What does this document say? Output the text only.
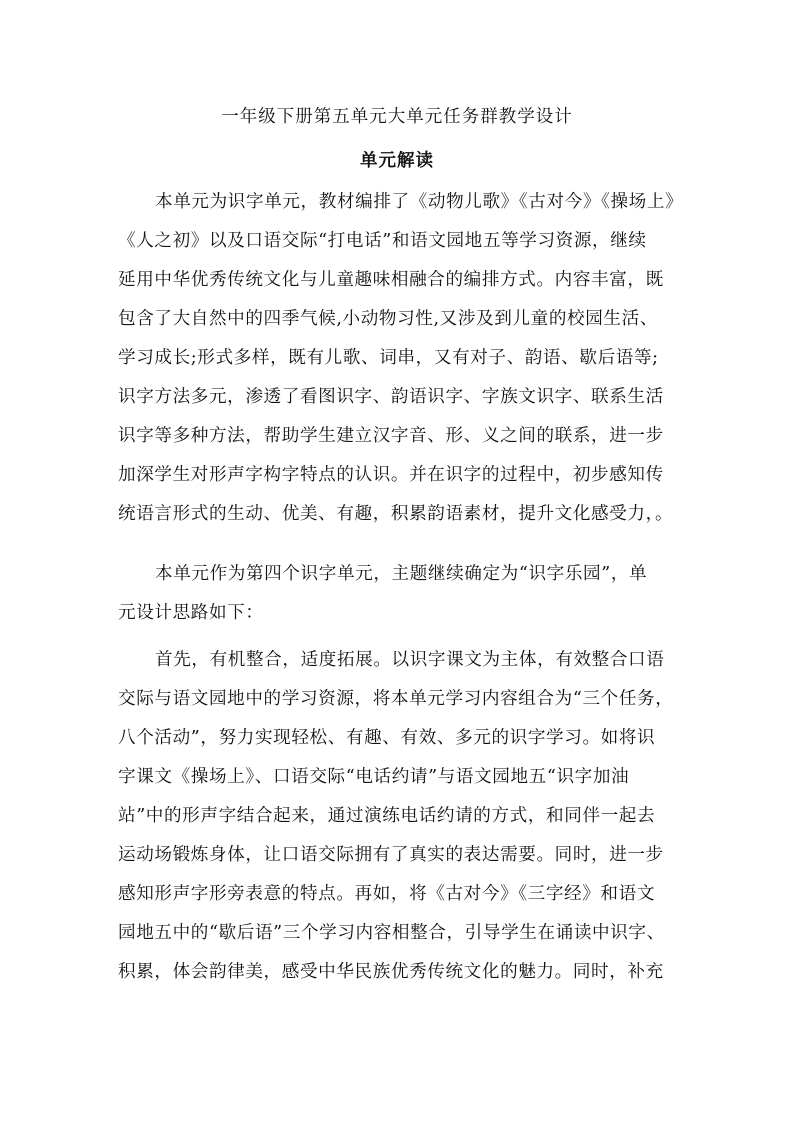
一年级下册第五单元大单元任务群教学设计
单元解读
本单元为识字单元，教材编排了《动物儿歌》《古对今》《操场上》
《人之初》以及口语交际“打电话”和语文园地五等学习资源，继续
延用中华优秀传统文化与儿童趣味相融合的编排方式。内容丰富，既
包含了大自然中的四季气候,小动物习性,又涉及到儿童的校园生活、
学习成长;形式多样，既有儿歌、词串，又有对子、韵语、歇后语等;
识字方法多元，渗透了看图识字、韵语识字、字族文识字、联系生活
识字等多种方法，帮助学生建立汉字音、形、义之间的联系，进一步
加深学生对形声字构字特点的认识。并在识字的过程中，初步感知传
统语言形式的生动、优美、有趣，积累韵语素材，提升文化感受力，。
本单元作为第四个识字单元，主题继续确定为“识字乐园”，单
元设计思路如下：
首先，有机整合，适度拓展。以识字课文为主体，有效整合口语
交际与语文园地中的学习资源，将本单元学习内容组合为“三个任务，
八个活动”，努力实现轻松、有趣、有效、多元的识字学习。如将识
字课文《操场上》、口语交际“电话约请”与语文园地五“识字加油
站”中的形声字结合起来，通过演练电话约请的方式，和同伴一起去
运动场锻炼身体，让口语交际拥有了真实的表达需要。同时，进一步
感知形声字形旁表意的特点。再如，将《古对今》《三字经》和语文
园地五中的“歇后语”三个学习内容相整合，引导学生在诵读中识字、
积累，体会韵律美，感受中华民族优秀传统文化的魅力。同时，补充
